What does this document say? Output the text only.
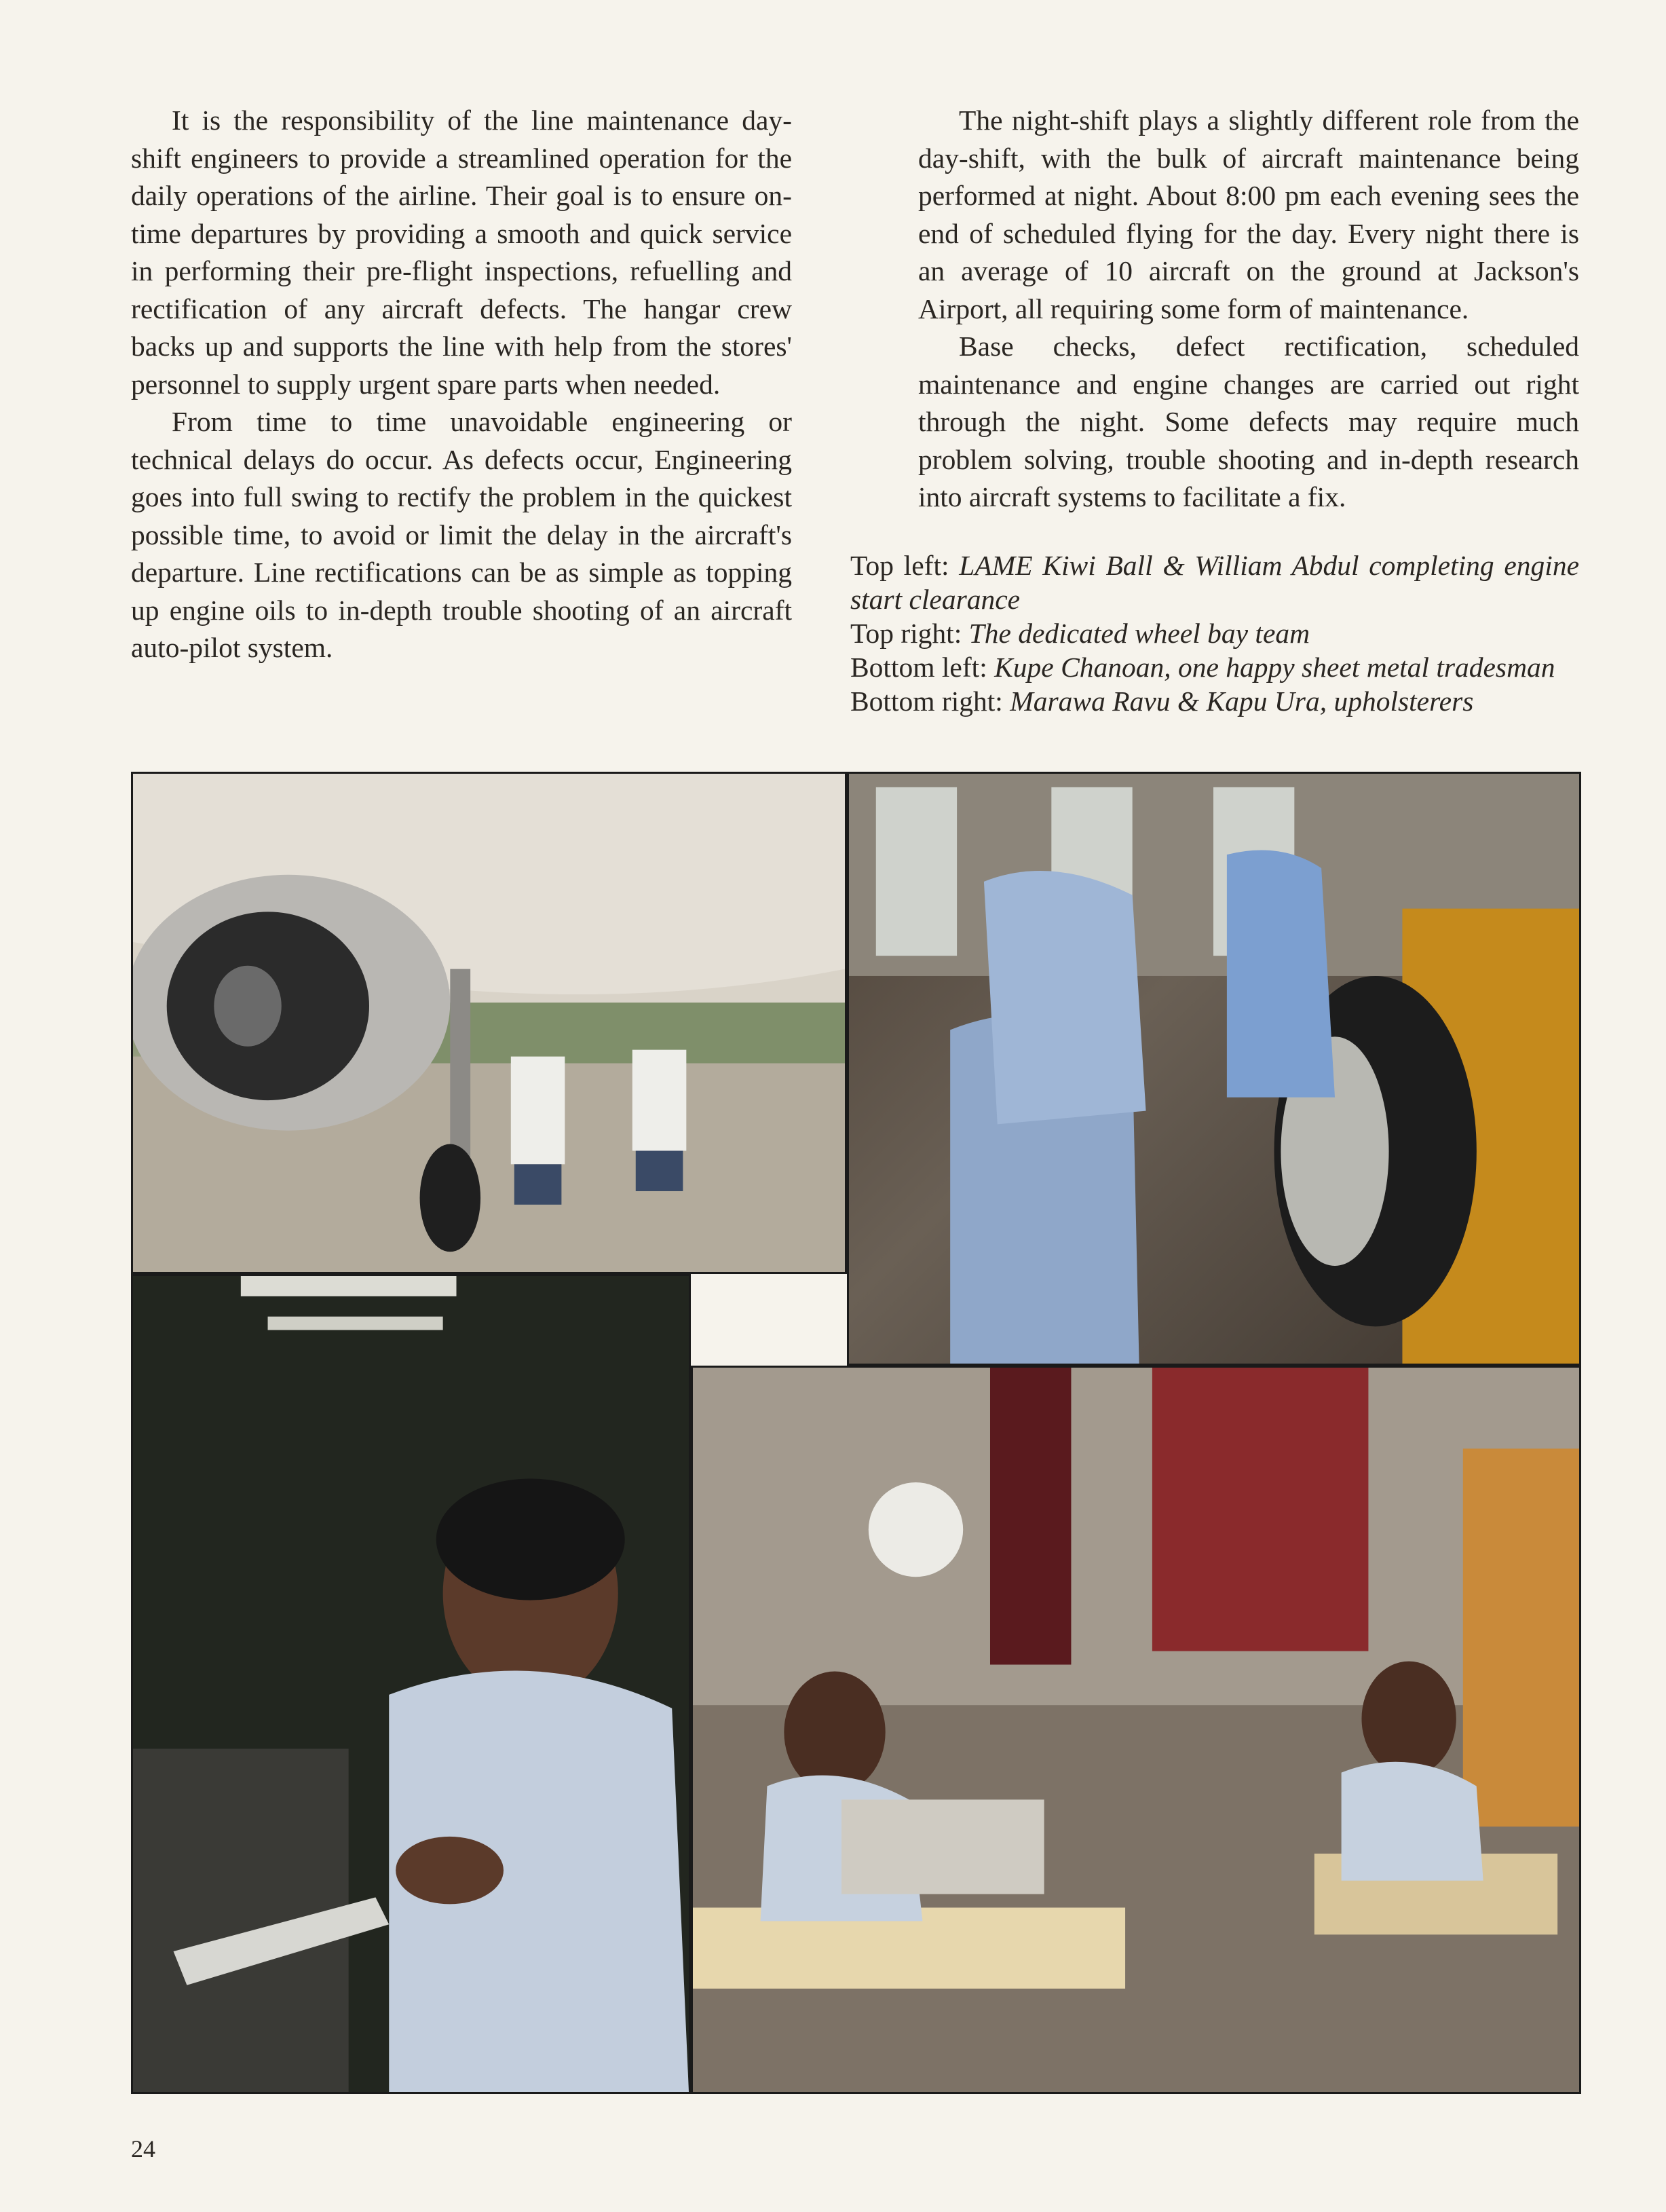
It is the responsibility of the line maintenance day-shift engineers to provide a streamlined operation for the daily operations of the airline. Their goal is to ensure on-time departures by providing a smooth and quick service in performing their pre-flight inspections, refuelling and rectification of any aircraft defects. The hangar crew backs up and supports the line with help from the stores' personnel to supply urgent spare parts when needed.

From time to time unavoidable engineering or technical delays do occur. As defects occur, Engineering goes into full swing to rectify the problem in the quickest possible time, to avoid or limit the delay in the aircraft's departure. Line rectifications can be as simple as topping up engine oils to in-depth trouble shooting of an aircraft auto-pilot system.

The night-shift plays a slightly different role from the day-shift, with the bulk of aircraft maintenance being performed at night. About 8:00 pm each evening sees the end of scheduled flying for the day. Every night there is an average of 10 aircraft on the ground at Jackson's Airport, all requiring some form of maintenance.

Base checks, defect rectification, scheduled maintenance and engine changes are carried out right through the night. Some defects may require much problem solving, trouble shooting and in-depth research into aircraft systems to facilitate a fix.

Top left: LAME Kiwi Ball & William Abdul completing engine start clearance

Top right: The dedicated wheel bay team

Bottom left: Kupe Chanoan, one happy sheet metal tradesman

Bottom right: Marawa Ravu & Kapu Ura, upholsterers

24
